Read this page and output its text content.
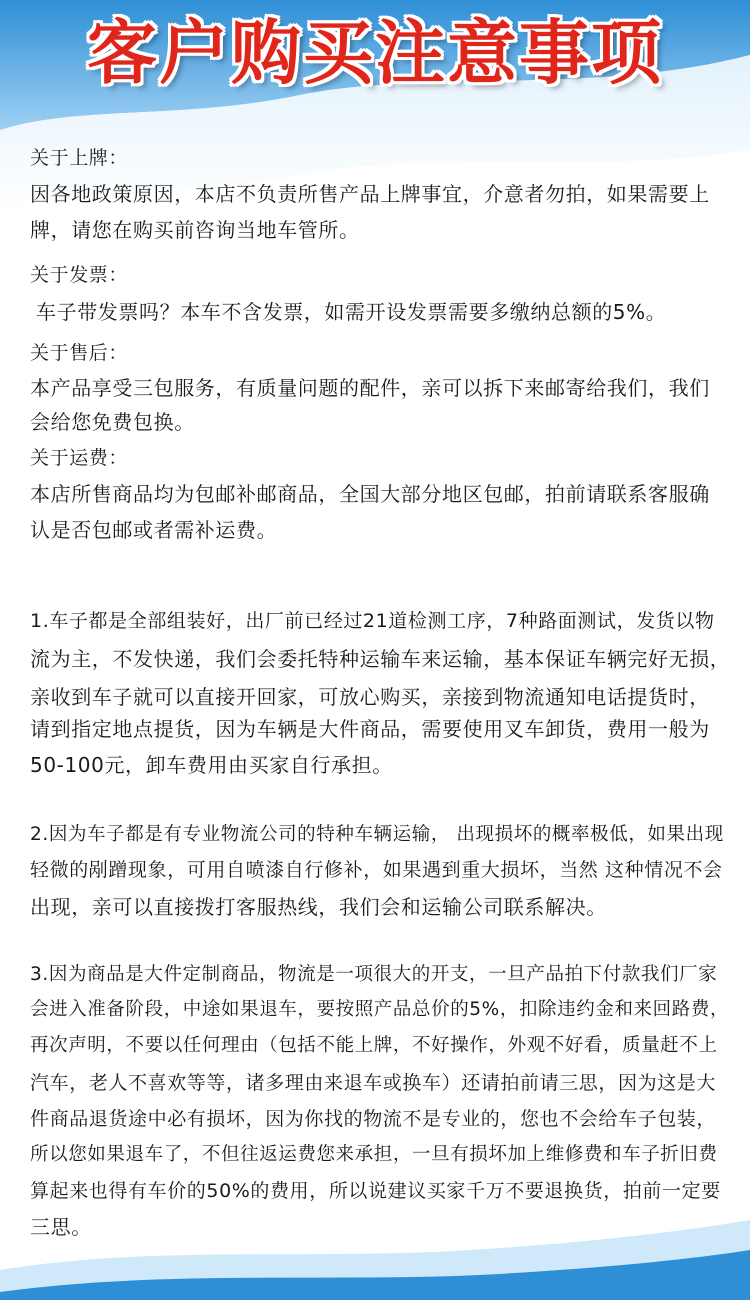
客户购买注意事项
关于上牌：
因各地政策原因，本店不负责所售产品上牌事宜，介意者勿拍，如果需要上
牌，请您在购买前咨询当地车管所。
关于发票：
车子带发票吗？本车不含发票，如需开设发票需要多缴纳总额的5%。
关于售后：
本产品享受三包服务，有质量问题的配件，亲可以拆下来邮寄给我们，我们
会给您免费包换。
关于运费：
本店所售商品均为包邮补邮商品，全国大部分地区包邮，拍前请联系客服确
认是否包邮或者需补运费。
1.车子都是全部组装好，出厂前已经过21道检测工序，7种路面测试，发货以物
流为主，不发快递，我们会委托特种运输车来运输，基本保证车辆完好无损，
亲收到车子就可以直接开回家，可放心购买，亲接到物流通知电话提货时，
请到指定地点提货，因为车辆是大件商品，需要使用叉车卸货，费用一般为
50-100元，卸车费用由买家自行承担。
2.因为车子都是有专业物流公司的特种车辆运输， 出现损坏的概率极低，如果出现
轻微的剐蹭现象，可用自喷漆自行修补，如果遇到重大损坏，当然 这种情况不会
出现，亲可以直接拨打客服热线，我们会和运输公司联系解决。
3.因为商品是大件定制商品，物流是一项很大的开支，一旦产品拍下付款我们厂家
会进入准备阶段，中途如果退车，要按照产品总价的5%，扣除违约金和来回路费，
再次声明，不要以任何理由（包括不能上牌，不好操作，外观不好看，质量赶不上
汽车，老人不喜欢等等，诸多理由来退车或换车）还请拍前请三思，因为这是大
件商品退货途中必有损坏，因为你找的物流不是专业的，您也不会给车子包装，
所以您如果退车了，不但往返运费您来承担，一旦有损坏加上维修费和车子折旧费
算起来也得有车价的50%的费用，所以说建议买家千万不要退换货，拍前一定要
三思。
